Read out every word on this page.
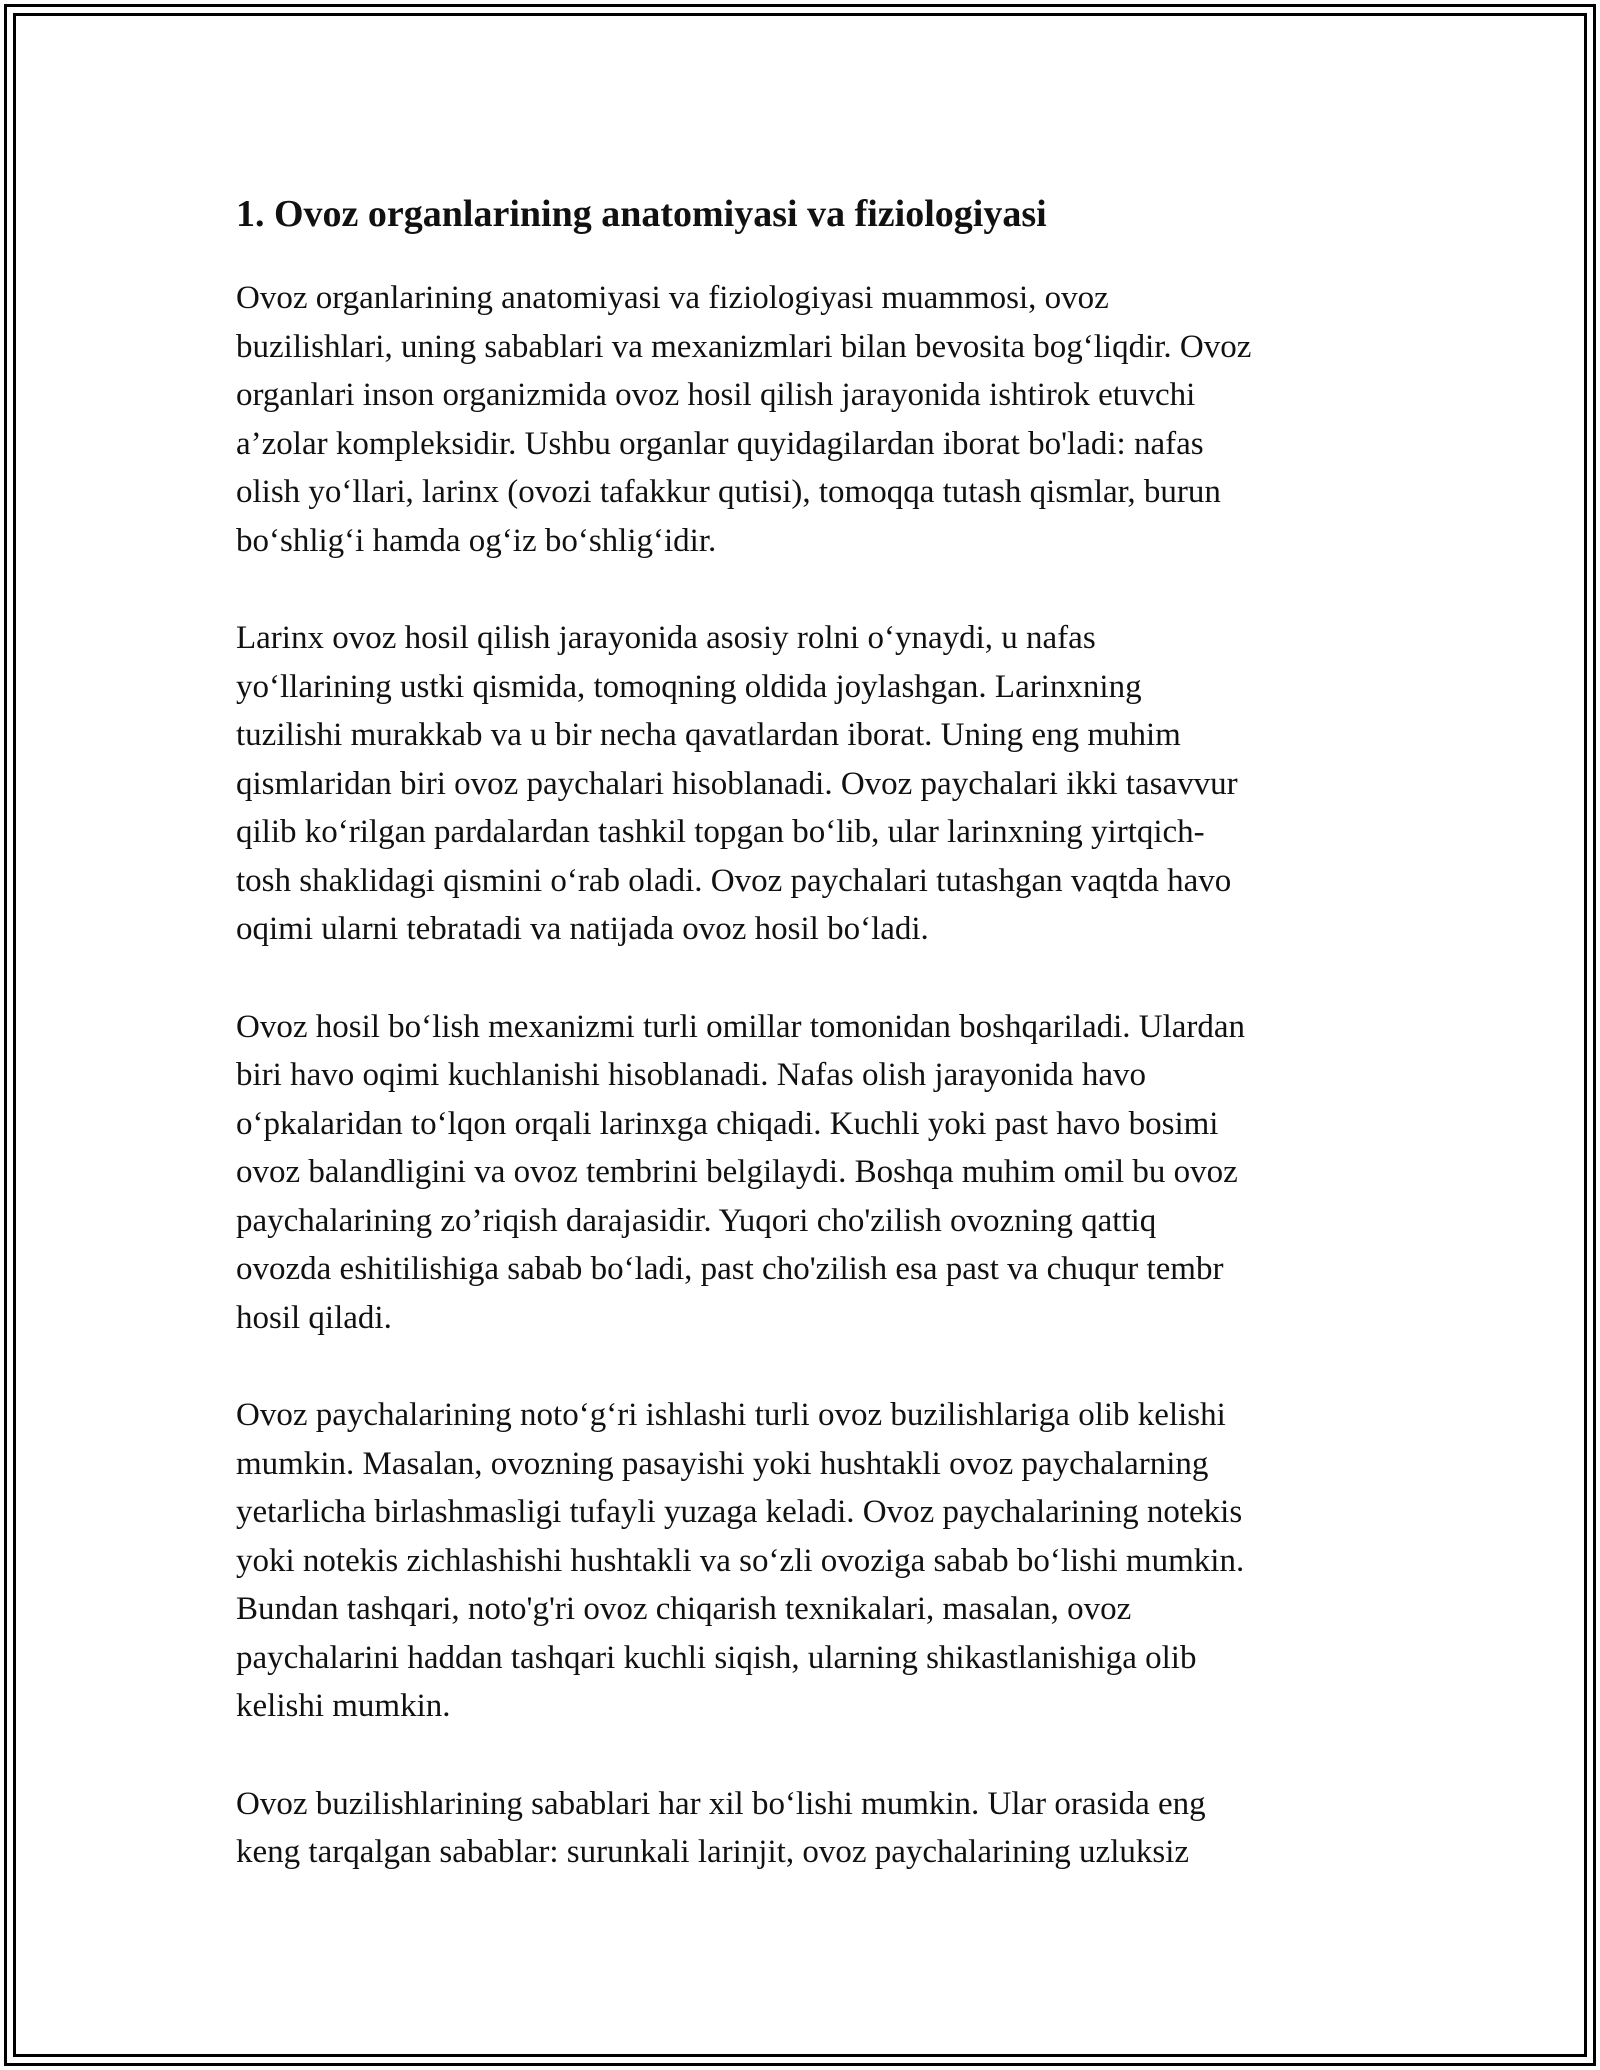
1. Ovoz organlarining anatomiyasi va fiziologiyasi

Ovoz organlarining anatomiyasi va fiziologiyasi muammosi, ovoz
buzilishlari, uning sabablari va mexanizmlari bilan bevosita bog‘liqdir. Ovoz
organlari inson organizmida ovoz hosil qilish jarayonida ishtirok etuvchi
a’zolar kompleksidir. Ushbu organlar quyidagilardan iborat bo'ladi: nafas
olish yo‘llari, larinx (ovozi tafakkur qutisi), tomoqqa tutash qismlar, burun
bo‘shlig‘i hamda og‘iz bo‘shlig‘idir.

Larinx ovoz hosil qilish jarayonida asosiy rolni o‘ynaydi, u nafas
yo‘llarining ustki qismida, tomoqning oldida joylashgan. Larinxning
tuzilishi murakkab va u bir necha qavatlardan iborat. Uning eng muhim
qismlaridan biri ovoz paychalari hisoblanadi. Ovoz paychalari ikki tasavvur
qilib ko‘rilgan pardalardan tashkil topgan bo‘lib, ular larinxning yirtqich-
tosh shaklidagi qismini o‘rab oladi. Ovoz paychalari tutashgan vaqtda havo
oqimi ularni tebratadi va natijada ovoz hosil bo‘ladi.

Ovoz hosil bo‘lish mexanizmi turli omillar tomonidan boshqariladi. Ulardan
biri havo oqimi kuchlanishi hisoblanadi. Nafas olish jarayonida havo
o‘pkalaridan to‘lqon orqali larinxga chiqadi. Kuchli yoki past havo bosimi
ovoz balandligini va ovoz tembrini belgilaydi. Boshqa muhim omil bu ovoz
paychalarining zo’riqish darajasidir. Yuqori cho'zilish ovozning qattiq
ovozda eshitilishiga sabab bo‘ladi, past cho'zilish esa past va chuqur tembr
hosil qiladi.

Ovoz paychalarining noto‘g‘ri ishlashi turli ovoz buzilishlariga olib kelishi
mumkin. Masalan, ovozning pasayishi yoki hushtakli ovoz paychalarning
yetarlicha birlashmasligi tufayli yuzaga keladi. Ovoz paychalarining notekis
yoki notekis zichlashishi hushtakli va so‘zli ovoziga sabab bo‘lishi mumkin.
Bundan tashqari, noto'g'ri ovoz chiqarish texnikalari, masalan, ovoz
paychalarini haddan tashqari kuchli siqish, ularning shikastlanishiga olib
kelishi mumkin.

Ovoz buzilishlarining sabablari har xil bo‘lishi mumkin. Ular orasida eng
keng tarqalgan sabablar: surunkali larinjit, ovoz paychalarining uzluksiz
